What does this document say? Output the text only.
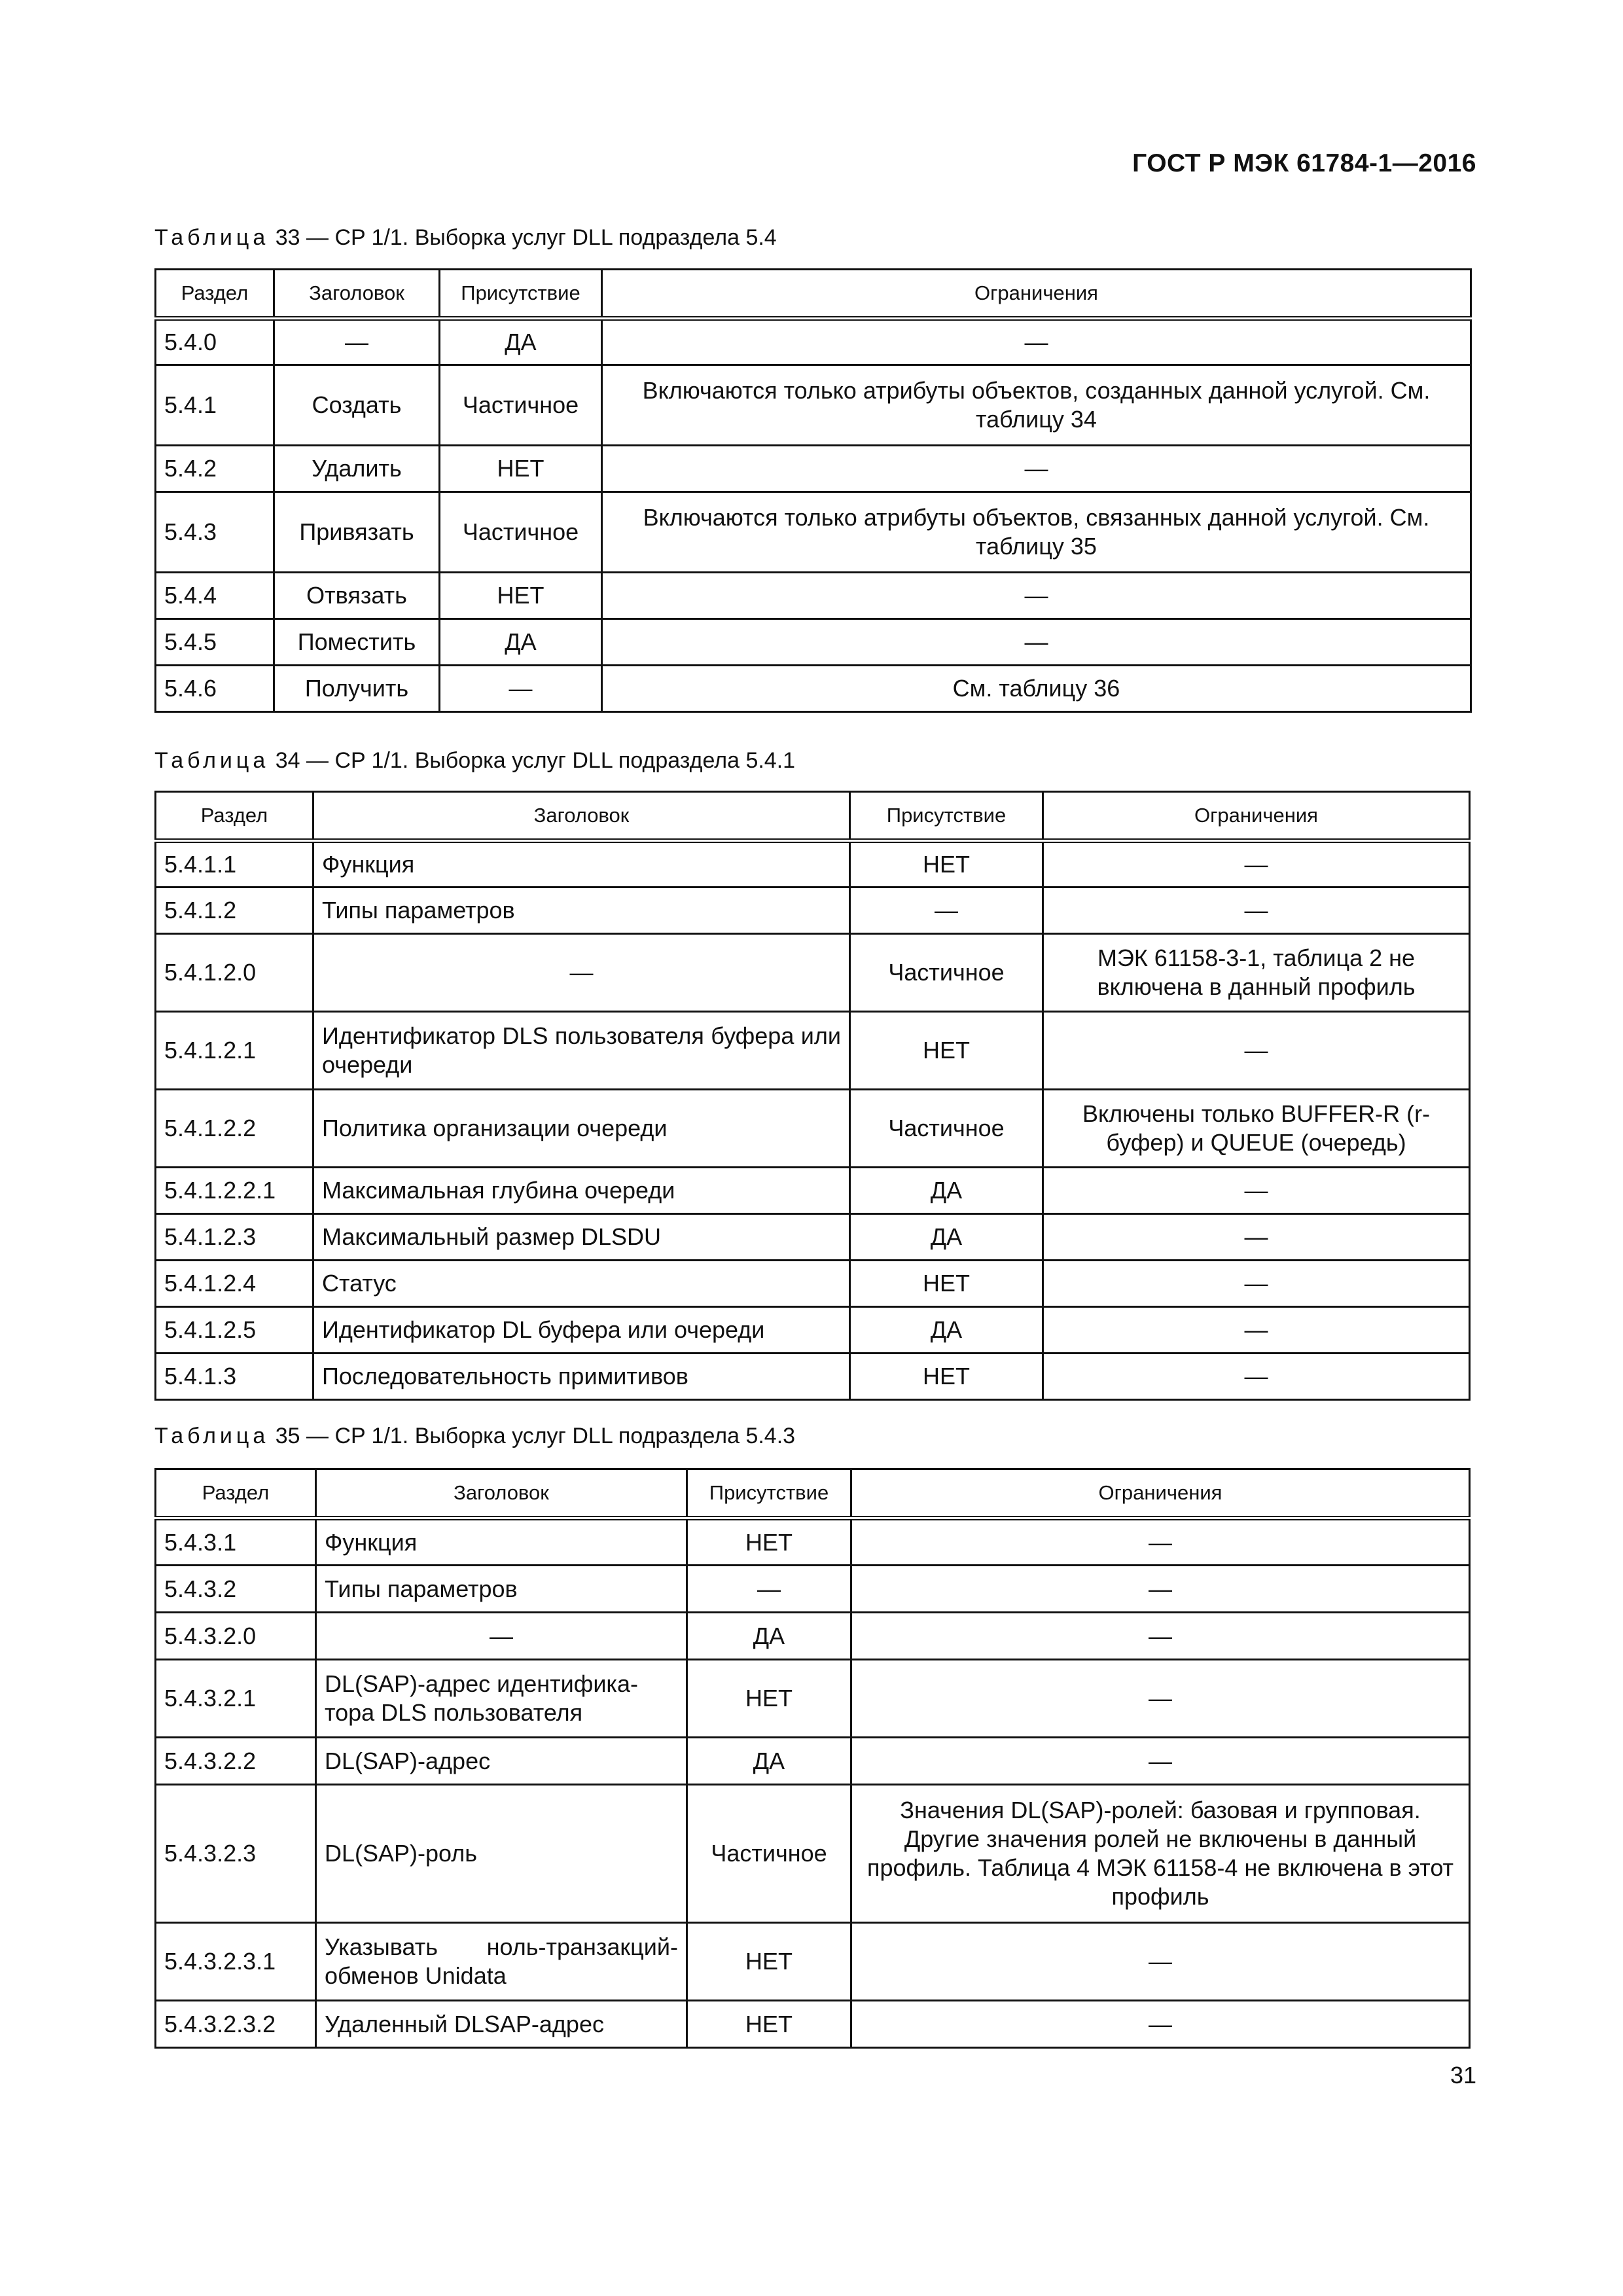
ГОСТ Р МЭК 61784-1—2016
Таблица 33 — CP 1/1. Выборка услуг DLL подраздела 5.4
Раздел	Заголовок	Присутствие	Ограничения
5.4.0	—	ДА	—
5.4.1	Создать	Частичное	Включаются только атрибуты объектов, созданных данной услугой. См. таблицу 34
5.4.2	Удалить	НЕТ	—
5.4.3	Привязать	Частичное	Включаются только атрибуты объектов, связанных данной услугой. См. таблицу 35
5.4.4	Отвязать	НЕТ	—
5.4.5	Поместить	ДА	—
5.4.6	Получить	—	См. таблицу 36
Таблица 34 — CP 1/1. Выборка услуг DLL подраздела 5.4.1
Раздел	Заголовок	Присутствие	Ограничения
5.4.1.1	Функция	НЕТ	—
5.4.1.2	Типы параметров	—	—
5.4.1.2.0	—	Частичное	МЭК 61158-3-1, таблица 2 не включена в данный профиль
5.4.1.2.1	Идентификатор DLS пользователя буфера или очереди	НЕТ	—
5.4.1.2.2	Политика организации очереди	Частичное	Включены только BUFFER-R (r-буфер) и QUEUE (очередь)
5.4.1.2.2.1	Максимальная глубина очереди	ДА	—
5.4.1.2.3	Максимальный размер DLSDU	ДА	—
5.4.1.2.4	Статус	НЕТ	—
5.4.1.2.5	Идентификатор DL буфера или очереди	ДА	—
5.4.1.3	Последовательность примитивов	НЕТ	—
Таблица 35 — CP 1/1. Выборка услуг DLL подраздела 5.4.3
Раздел	Заголовок	Присутствие	Ограничения
5.4.3.1	Функция	НЕТ	—
5.4.3.2	Типы параметров	—	—
5.4.3.2.0	—	ДА	—
5.4.3.2.1	DL(SAP)-адрес идентифика-тора DLS пользователя	НЕТ	—
5.4.3.2.2	DL(SAP)-адрес	ДА	—
5.4.3.2.3	DL(SAP)-роль	Частичное	Значения DL(SAP)-ролей: базовая и групповая. Другие значения ролей не включены в данный профиль. Таблица 4 МЭК 61158-4 не включена в этот профиль
5.4.3.2.3.1	Указывать ноль-транзакций-обменов Unidata	НЕТ	—
5.4.3.2.3.2	Удаленный DLSAP-адрес	НЕТ	—
31
